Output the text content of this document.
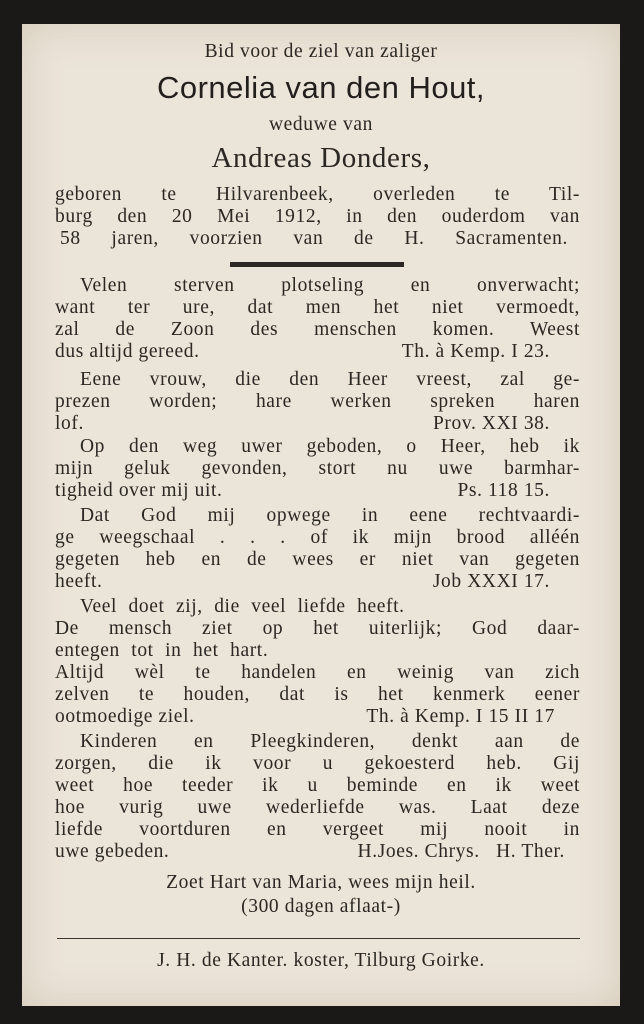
Bid voor de ziel van zaliger
Cornelia van den Hout,
weduwe van
Andreas Donders,
geboren te Hilvarenbeek, overleden te Til-
burg den 20 Mei 1912, in den ouderdom van
58 jaren, voorzien van de H. Sacramenten.
Velen sterven plotseling en onverwacht;
want ter ure, dat men het niet vermoedt,
zal de Zoon des menschen komen. Weest
dus altijd gereed.	Th. à Kemp. I 23.
Eene vrouw, die den Heer vreest, zal ge-
prezen worden; hare werken spreken haren
lof.	Prov. XXI 38.
Op den weg uwer geboden, o Heer, heb ik
mijn geluk gevonden, stort nu uwe barmhar-
tigheid over mij uit.	Ps. 118 15.
Dat God mij opwege in eene rechtvaardi-
ge weegschaal . . . of ik mijn brood alléén
gegeten heb en de wees er niet van gegeten
heeft.	Job XXXI 17.
Veel doet zij, die veel liefde heeft.
De mensch ziet op het uiterlijk; God daar-
entegen tot in het hart.
Altijd wèl te handelen en weinig van zich
zelven te houden, dat is het kenmerk eener
ootmoedige ziel.	Th. à Kemp. I 15 II 17
Kinderen en Pleegkinderen, denkt aan de
zorgen, die ik voor u gekoesterd heb. Gij
weet hoe teeder ik u beminde en ik weet
hoe vurig uwe wederliefde was. Laat deze
liefde voortduren en vergeet mij nooit in
uwe gebeden.	H.Joes. Chrys.   H. Ther.
Zoet Hart van Maria, wees mijn heil.
(300 dagen aflaat-)
J. H. de Kanter. koster, Tilburg Goirke.
